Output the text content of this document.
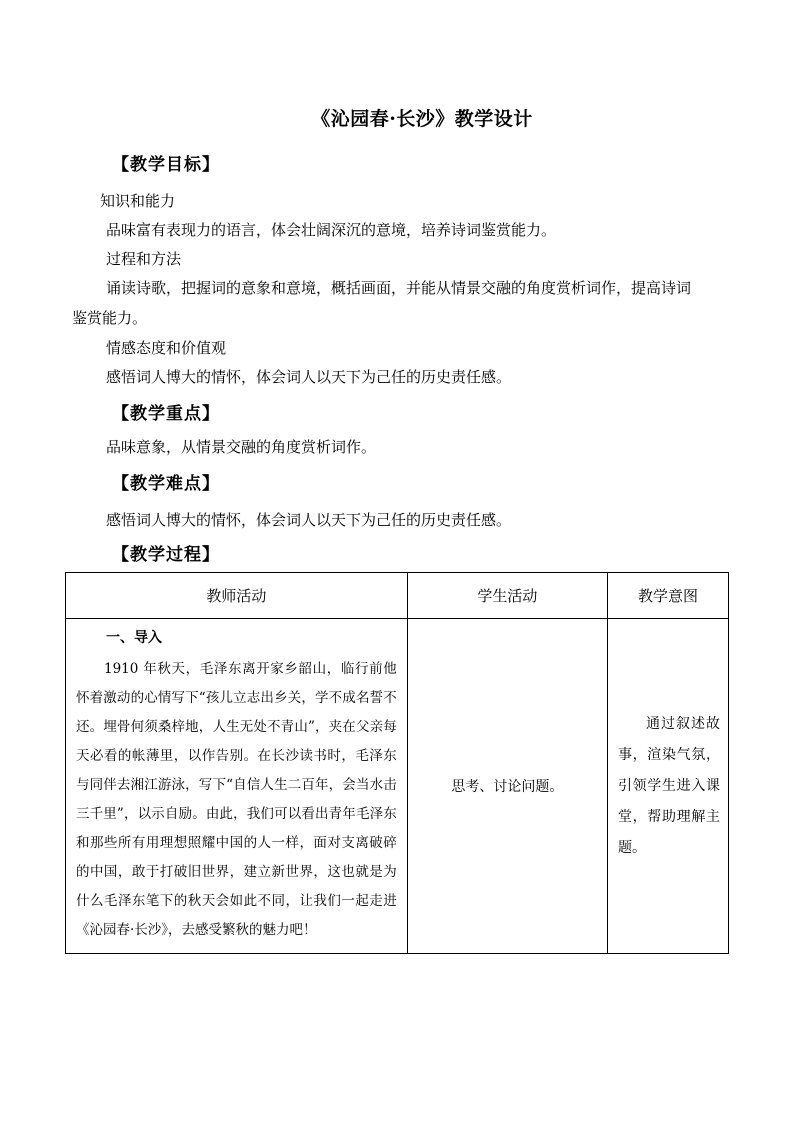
《沁园春·长沙》教学设计
【教学目标】
知识和能力
品味富有表现力的语言，体会壮阔深沉的意境，培养诗词鉴赏能力。
过程和方法
诵读诗歌，把握词的意象和意境，概括画面，并能从情景交融的角度赏析词作，提高诗词
鉴赏能力。
情感态度和价值观
感悟词人博大的情怀，体会词人以天下为己任的历史责任感。
【教学重点】
品味意象，从情景交融的角度赏析词作。
【教学难点】
感悟词人博大的情怀，体会词人以天下为己任的历史责任感。
【教学过程】
教师活动	学生活动	教学意图

一、导入
1910 年秋天，毛泽东离开家乡韶山，临行前他怀着激动的心情写下“孩儿立志出乡关，学不成名誓不还。埋骨何须桑梓地，人生无处不青山”，夹在父亲每天必看的帐薄里，以作告别。在长沙读书时，毛泽东与同伴去湘江游泳，写下“自信人生二百年，会当水击三千里”，以示自励。由此，我们可以看出青年毛泽东和那些所有用理想照耀中国的人一样，面对支离破碎的中国，敢于打破旧世界，建立新世界，这也就是为什么毛泽东笔下的秋天会如此不同，让我们一起走进《沁园春·长沙》，去感受繁秋的魅力吧！	思考、讨论问题。	通过叙述故事，渲染气氛，引领学生进入课堂，帮助理解主题。
